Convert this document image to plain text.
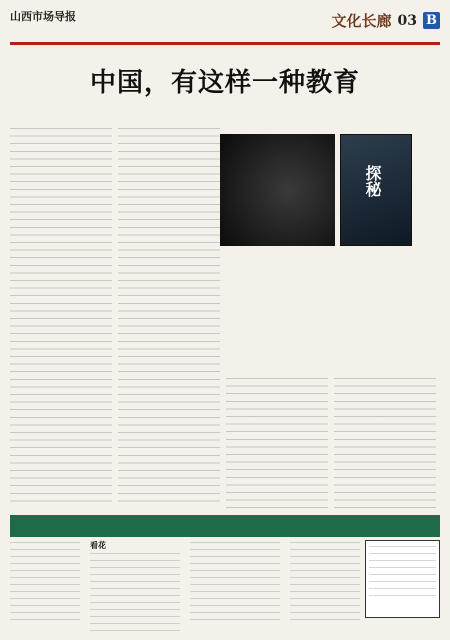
山西市场导报	文化长廊 03 B
中国，有这样一种教育
探秘
看花
